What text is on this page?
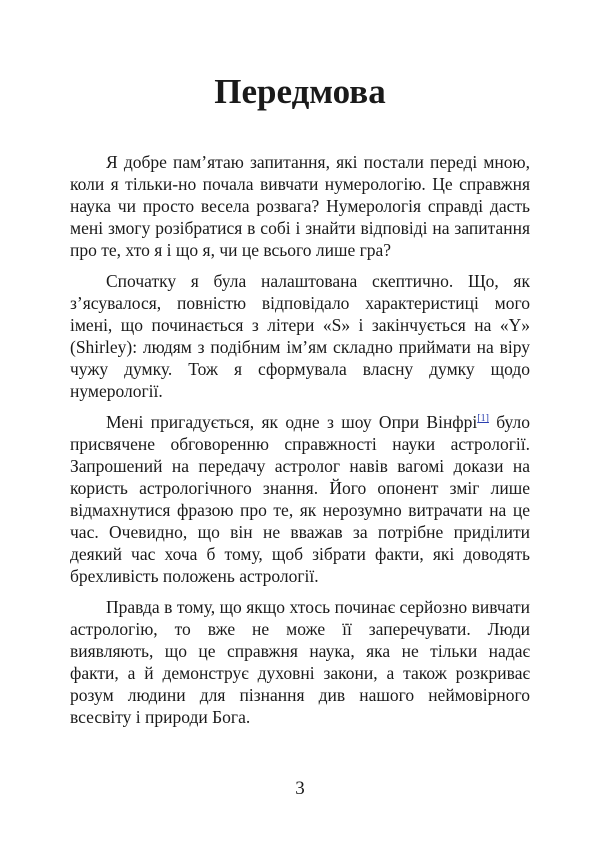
Передмова

Я добре пам’ятаю запитання, які постали переді мною,
коли я тільки-но почала вивчати нумерологію. Це справжня
наука чи просто весела розвага? Нумерологія справді дасть
мені змогу розібратися в собі і знайти відповіді на запитання
про те, хто я і що я, чи це всього лише гра?

Спочатку я була налаштована скептично. Що, як
з’ясувалося, повністю відповідало характеристиці мого
імені, що починається з літери «S» і закінчується на «Y»
(Shirley): людям з подібним ім’ям складно приймати на віру
чужу думку. Тож я сформувала власну думку щодо
нумерології.

Мені пригадується, як одне з шоу Опри Вінфрі[1] було
присвячене обговоренню справжності науки астрології.
Запрошений на передачу астролог навів вагомі докази на
користь астрологічного знання. Його опонент зміг лише
відмахнутися фразою про те, як нерозумно витрачати на це
час. Очевидно, що він не вважав за потрібне приділити
деякий час хоча б тому, щоб зібрати факти, які доводять
брехливість положень астрології.

Правда в тому, що якщо хтось починає серйозно вивчати
астрологію, то вже не може її заперечувати. Люди
виявляють, що це справжня наука, яка не тільки надає
факти, а й демонструє духовні закони, а також розкриває
розум людини для пізнання див нашого неймовірного
всесвіту і природи Бога.

3
